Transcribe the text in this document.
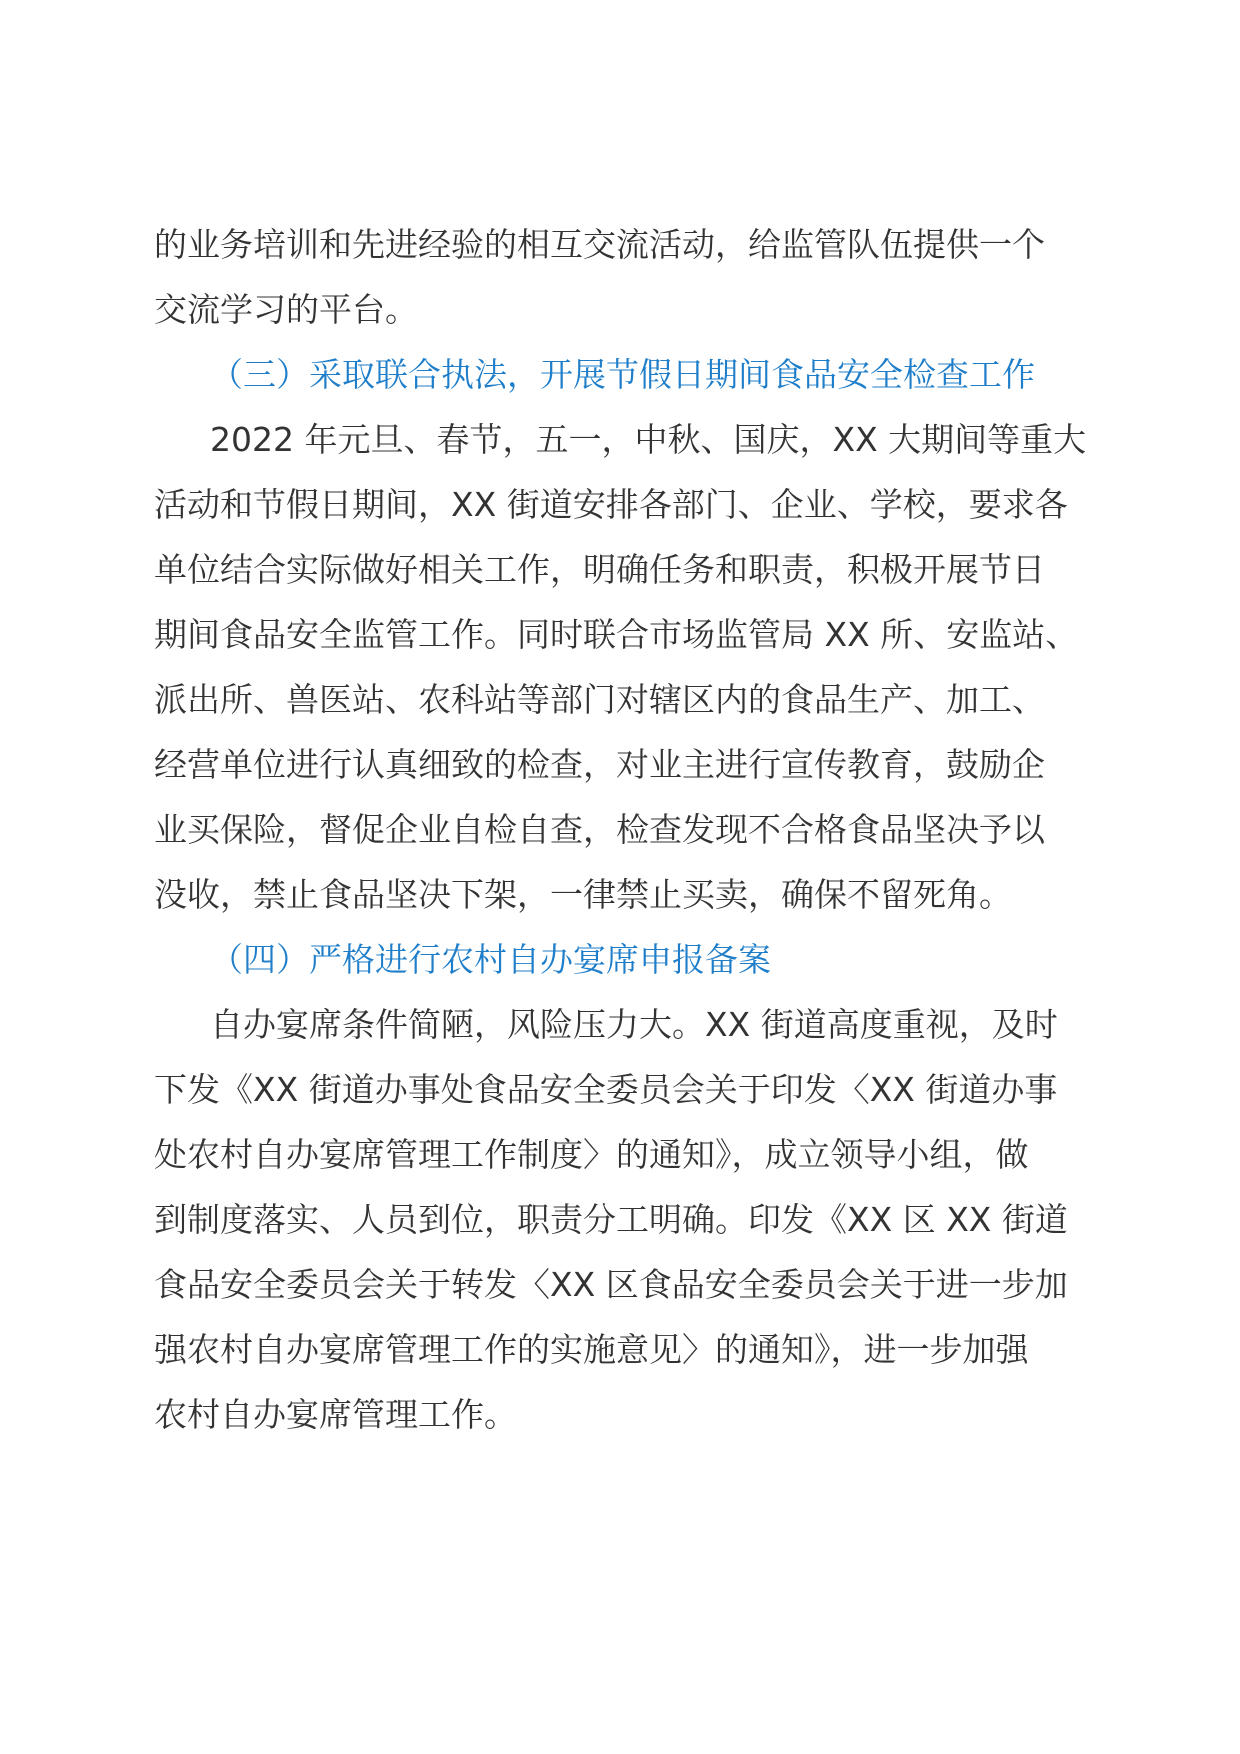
的业务培训和先进经验的相互交流活动，给监管队伍提供一个
交流学习的平台。
（三）采取联合执法，开展节假日期间食品安全检查工作
2022 年元旦、春节，五一，中秋、国庆，XX 大期间等重大
活动和节假日期间，XX 街道安排各部门、企业、学校，要求各
单位结合实际做好相关工作，明确任务和职责，积极开展节日
期间食品安全监管工作。同时联合市场监管局 XX 所、安监站、
派出所、兽医站、农科站等部门对辖区内的食品生产、加工、
经营单位进行认真细致的检查，对业主进行宣传教育，鼓励企
业买保险，督促企业自检自查，检查发现不合格食品坚决予以
没收，禁止食品坚决下架，一律禁止买卖，确保不留死角。
（四）严格进行农村自办宴席申报备案
自办宴席条件简陋，风险压力大。XX 街道高度重视，及时
下发《XX 街道办事处食品安全委员会关于印发〈XX 街道办事
处农村自办宴席管理工作制度〉的通知》，成立领导小组，做
到制度落实、人员到位，职责分工明确。印发《XX 区 XX 街道
食品安全委员会关于转发〈XX 区食品安全委员会关于进一步加
强农村自办宴席管理工作的实施意见〉的通知》，进一步加强
农村自办宴席管理工作。
